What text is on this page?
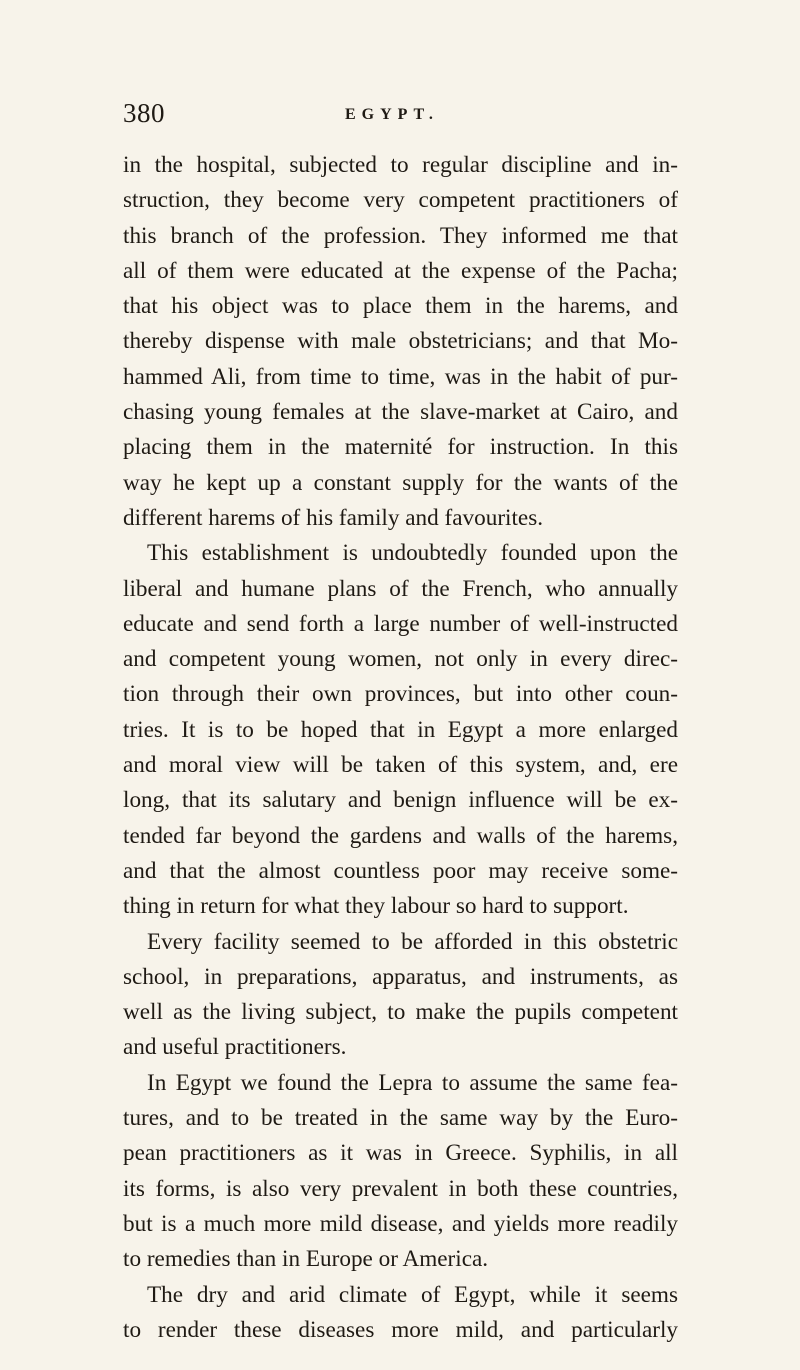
380	EGYPT.
in the hospital, subjected to regular discipline and in-
struction, they become very competent practitioners of
this branch of the profession. They informed me that
all of them were educated at the expense of the Pacha;
that his object was to place them in the harems, and
thereby dispense with male obstetricians; and that Mo-
hammed Ali, from time to time, was in the habit of pur-
chasing young females at the slave-market at Cairo, and
placing them in the maternité for instruction. In this
way he kept up a constant supply for the wants of the
different harems of his family and favourites.
This establishment is undoubtedly founded upon the
liberal and humane plans of the French, who annually
educate and send forth a large number of well-instructed
and competent young women, not only in every direc-
tion through their own provinces, but into other coun-
tries. It is to be hoped that in Egypt a more enlarged
and moral view will be taken of this system, and, ere
long, that its salutary and benign influence will be ex-
tended far beyond the gardens and walls of the harems,
and that the almost countless poor may receive some-
thing in return for what they labour so hard to support.
Every facility seemed to be afforded in this obstetric
school, in preparations, apparatus, and instruments, as
well as the living subject, to make the pupils competent
and useful practitioners.
In Egypt we found the Lepra to assume the same fea-
tures, and to be treated in the same way by the Euro-
pean practitioners as it was in Greece. Syphilis, in all
its forms, is also very prevalent in both these countries,
but is a much more mild disease, and yields more readily
to remedies than in Europe or America.
The dry and arid climate of Egypt, while it seems
to render these diseases more mild, and particularly
